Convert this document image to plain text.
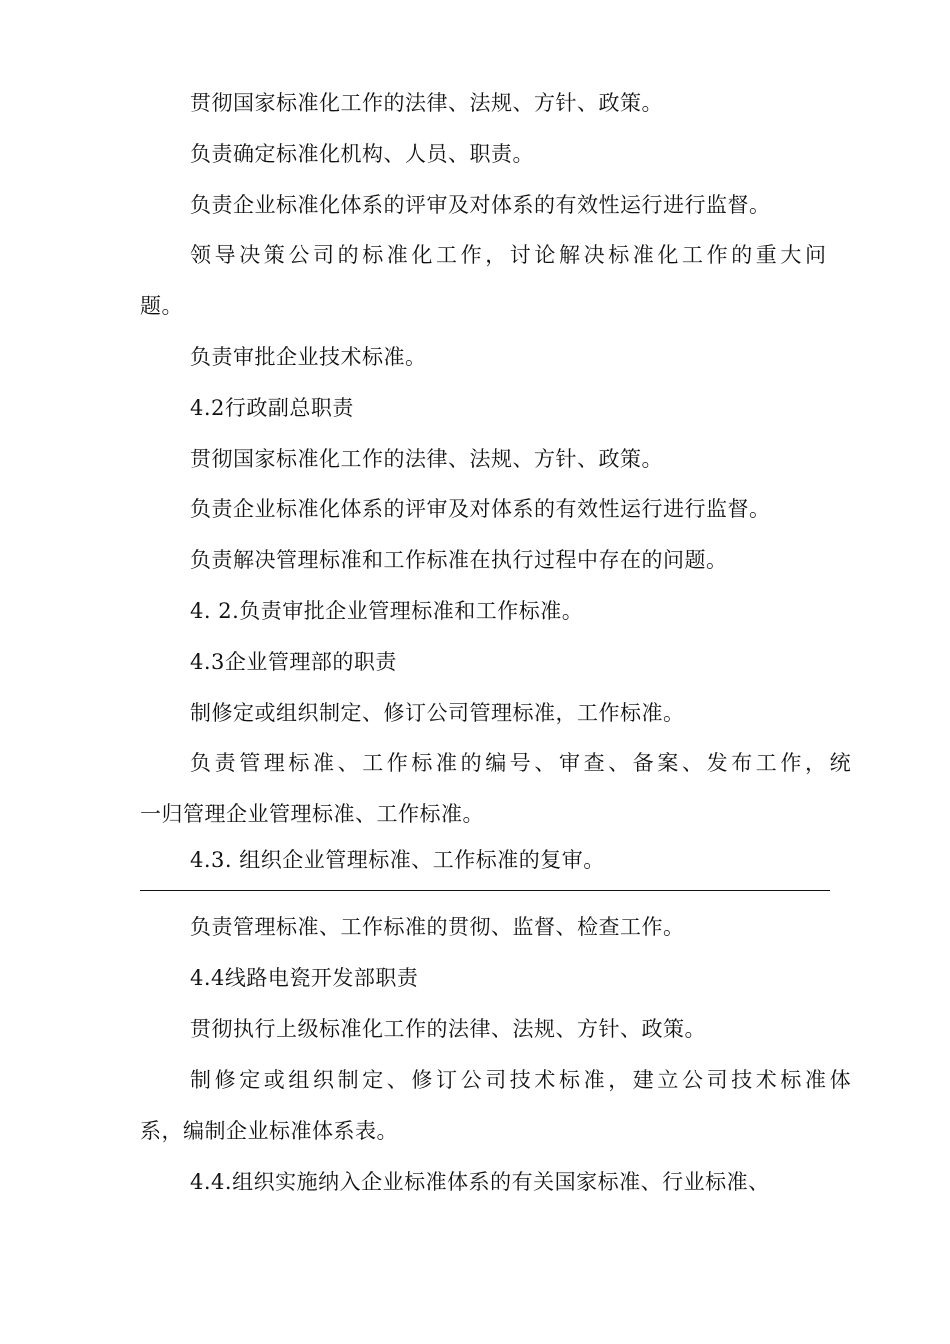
贯彻国家标准化工作的法律、法规、方针、政策。
负责确定标准化机构、人员、职责。
负责企业标准化体系的评审及对体系的有效性运行进行监督。
领导决策公司的标准化工作，讨论解决标准化工作的重大问
题。
负责审批企业技术标准。
4.2行政副总职责
贯彻国家标准化工作的法律、法规、方针、政策。
负责企业标准化体系的评审及对体系的有效性运行进行监督。
负责解决管理标准和工作标准在执行过程中存在的问题。
4. 2.负责审批企业管理标准和工作标准。
4.3企业管理部的职责
制修定或组织制定、修订公司管理标准，工作标准。
负责管理标准、工作标准的编号、审查、备案、发布工作，统
一归管理企业管理标准、工作标准。
4.3. 组织企业管理标准、工作标准的复审。
负责管理标准、工作标准的贯彻、监督、检查工作。
4.4线路电瓷开发部职责
贯彻执行上级标准化工作的法律、法规、方针、政策。
制修定或组织制定、修订公司技术标准，建立公司技术标准体
系，编制企业标准体系表。
4.4.组织实施纳入企业标准体系的有关国家标准、行业标准、
